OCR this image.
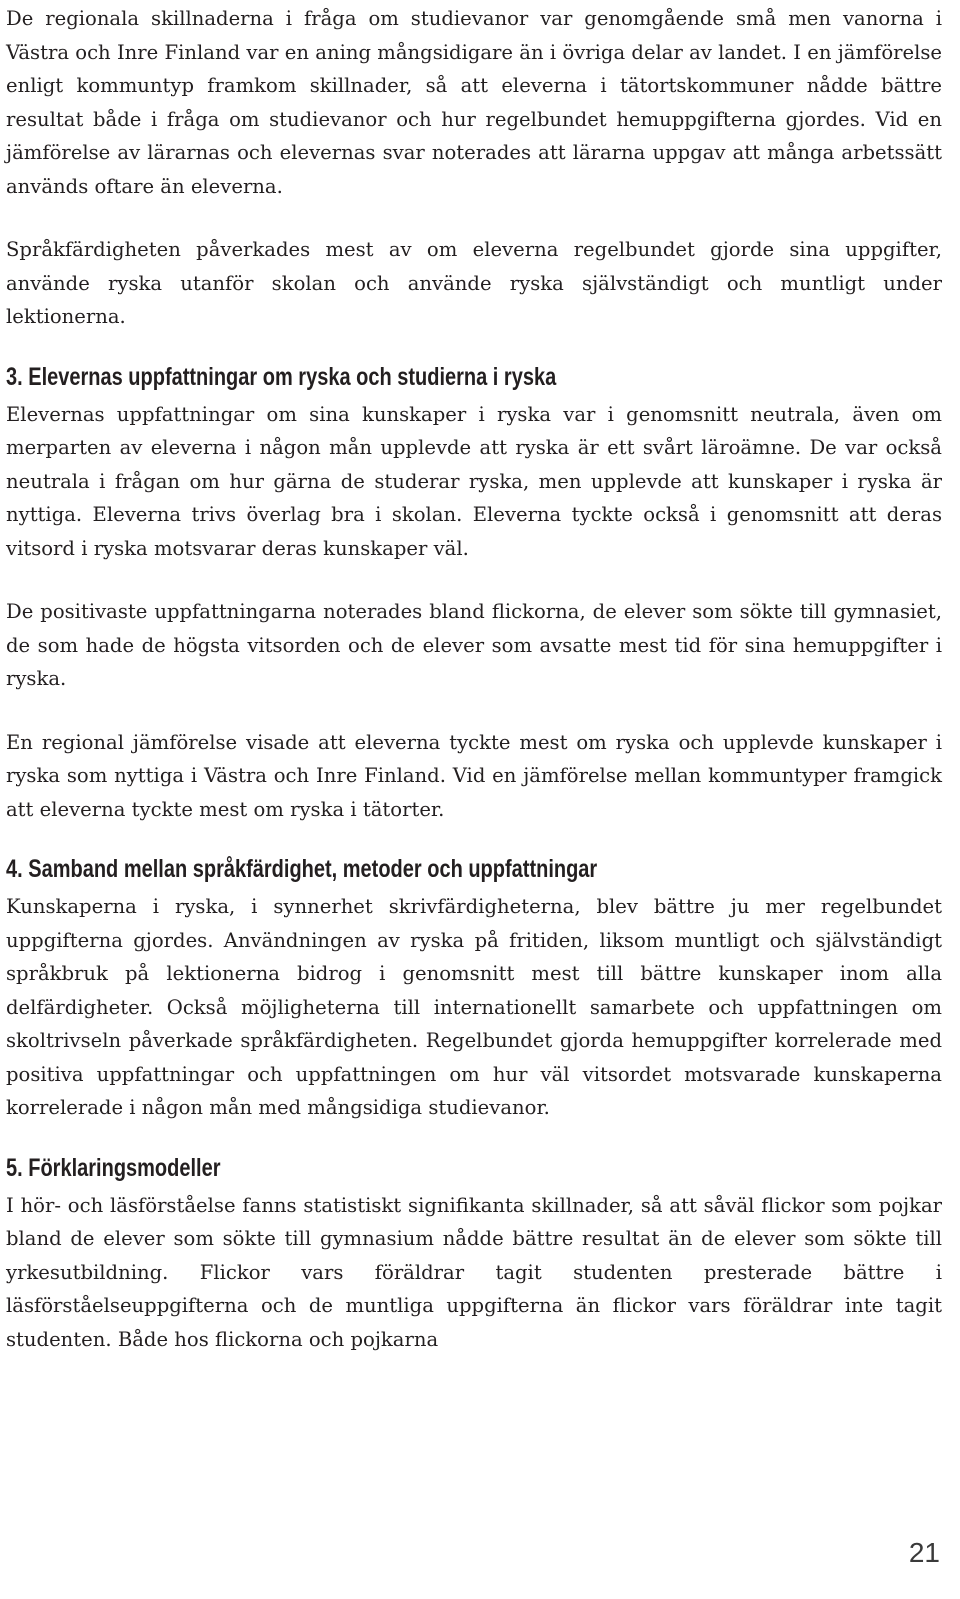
De regionala skillnaderna i fråga om studievanor var genomgående små men vanorna i Västra och Inre Finland var en aning mångsidigare än i övriga delar av landet. I en jämförelse enligt kommuntyp framkom skillnader, så att eleverna i tätortskommuner nådde bättre resultat både i fråga om studievanor och hur regelbundet hemuppgifterna gjordes. Vid en jämförelse av lärarnas och elevernas svar noterades att lärarna uppgav att många arbetssätt används oftare än eleverna.

Språkfärdigheten påverkades mest av om eleverna regelbundet gjorde sina uppgifter, använde ryska utanför skolan och använde ryska självständigt och muntligt under lektionerna.

3. Elevernas uppfattningar om ryska och studierna i ryska

Elevernas uppfattningar om sina kunskaper i ryska var i genomsnitt neutrala, även om merparten av eleverna i någon mån upplevde att ryska är ett svårt läroämne. De var också neutrala i frågan om hur gärna de studerar ryska, men upplevde att kunskaper i ryska är nyttiga. Eleverna trivs överlag bra i skolan. Eleverna tyckte också i genomsnitt att deras vitsord i ryska motsvarar deras kunskaper väl.

De positivaste uppfattningarna noterades bland flickorna, de elever som sökte till gymnasiet, de som hade de högsta vitsorden och de elever som avsatte mest tid för sina hemuppgifter i ryska.

En regional jämförelse visade att eleverna tyckte mest om ryska och upplevde kunskaper i ryska som nyttiga i Västra och Inre Finland. Vid en jämförelse mellan kommuntyper framgick att eleverna tyckte mest om ryska i tätorter.

4. Samband mellan språkfärdighet, metoder och uppfattningar

Kunskaperna i ryska, i synnerhet skrivfärdigheterna, blev bättre ju mer regelbundet uppgifterna gjordes. Användningen av ryska på fritiden, liksom muntligt och självständigt språkbruk på lektionerna bidrog i genomsnitt mest till bättre kunskaper inom alla delfärdigheter. Också möjligheterna till internationellt samarbete och uppfattningen om skoltrivseln påverkade språkfärdigheten. Regelbundet gjorda hemuppgifter korrelerade med positiva uppfattningar och uppfattningen om hur väl vitsordet motsvarade kunskaperna korrelerade i någon mån med mångsidiga studievanor.

5. Förklaringsmodeller

I hör- och läsförståelse fanns statistiskt signifikanta skillnader, så att såväl flickor som pojkar bland de elever som sökte till gymnasium nådde bättre resultat än de elever som sökte till yrkesutbildning. Flickor vars föräldrar tagit studenten presterade bättre i läsförståelseuppgifterna och de muntliga uppgifterna än flickor vars föräldrar inte tagit studenten. Både hos flickorna och pojkarna

21
